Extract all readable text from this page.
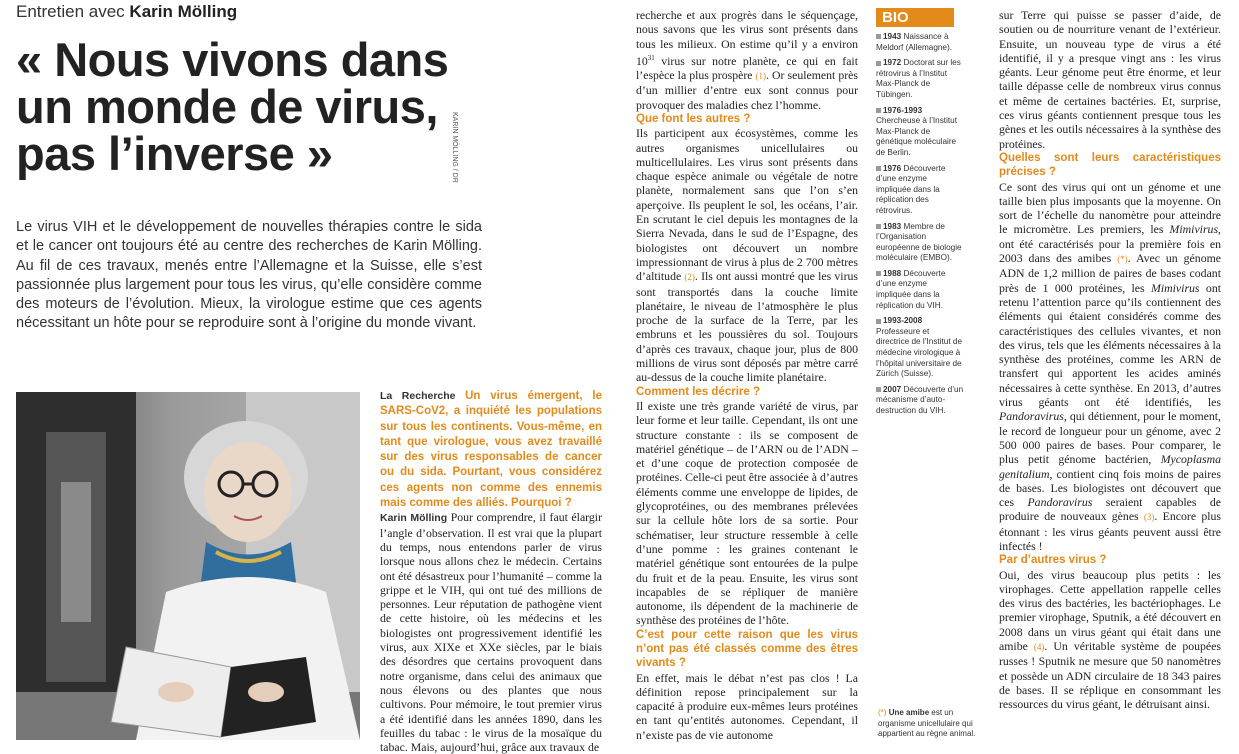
Entretien avec Karin Mölling
« Nous vivons dans un monde de virus, pas l’inverse »	KARIN MÖLLING / DR
Le virus VIH et le développement de nouvelles thérapies contre le sida et le cancer ont toujours été au centre des recherches de Karin Mölling. Au fil de ces travaux, menés entre l’Allemagne et la Suisse, elle s’est passionnée plus largement pour tous les virus, qu’elle considère comme des moteurs de l’évolution. Mieux, la virologue estime que ces agents nécessitant un hôte pour se reproduire sont à l’origine du monde vivant.

La Recherche Un virus émergent, le SARS-CoV2, a inquiété les populations sur tous les continents. Vous-même, en tant que virologue, vous avez travaillé sur des virus responsables de cancer ou du sida. Pourtant, vous considérez ces agents non comme des ennemis mais comme des alliés. Pourquoi ?

Karin Mölling Pour comprendre, il faut élargir l’angle d’observation. Il est vrai que la plupart du temps, nous entendons parler de virus lorsque nous allons chez le médecin. Certains ont été désastreux pour l’humanité – comme la grippe et le VIH, qui ont tué des millions de personnes. Leur réputation de pathogène vient de cette histoire, où les médecins et les biologistes ont progressivement identifié les virus, aux XIXe et XXe siècles, par le biais des désordres que certains provoquent dans notre organisme, dans celui des animaux que nous élevons ou des plantes que nous cultivons. Pour mémoire, le tout premier virus a été identifié dans les années 1890, dans les feuilles du tabac : le virus de la mosaïque du tabac. Mais, aujourd’hui, grâce aux travaux de

recherche et aux progrès dans le séquençage, nous savons que les virus sont présents dans tous les milieux. On estime qu’il y a environ $10^{31}$ virus sur notre planète, ce qui en fait l’espèce la plus prospère (1). Or seulement près d’un millier d’entre eux sont connus pour provoquer des maladies chez l’homme.

Que font les autres ?

Ils participent aux écosystèmes, comme les autres organismes unicellulaires ou multicellulaires. Les virus sont présents dans chaque espèce animale ou végétale de notre planète, normalement sans que l’on s’en aperçoive. Ils peuplent le sol, les océans, l’air. En scrutant le ciel depuis les montagnes de la Sierra Nevada, dans le sud de l’Espagne, des biologistes ont découvert un nombre impressionnant de virus à plus de 2 700 mètres d’altitude (2). Ils ont aussi montré que les virus sont transportés dans la couche limite planétaire, le niveau de l’atmosphère le plus proche de la surface de la Terre, par les embruns et les poussières du sol. Toujours d’après ces travaux, chaque jour, plus de 800 millions de virus sont déposés par mètre carré au-dessus de la couche limite planétaire.

Comment les décrire ?

Il existe une très grande variété de virus, par leur forme et leur taille. Cependant, ils ont une structure constante : ils se composent de matériel génétique – de l’ARN ou de l’ADN – et d’une coque de protection composée de protéines. Celle-ci peut être associée à d’autres éléments comme une enveloppe de lipides, de glycoprotéines, ou des membranes prélevées sur la cellule hôte lors de sa sortie. Pour schématiser, leur structure ressemble à celle d’une pomme : les graines contenant le matériel génétique sont entourées de la pulpe du fruit et de la peau. Ensuite, les virus sont incapables de se répliquer de manière autonome, ils dépendent de la machinerie de synthèse des protéines de l’hôte.

C’est pour cette raison que les virus n’ont pas été classés comme des êtres vivants ?

En effet, mais le débat n’est pas clos ! La définition repose principalement sur la capacité à produire eux-mêmes leurs protéines en tant qu’entités autonomes. Cependant, il n’existe pas de vie autonome

BIO
1943 Naissance à Meldorf (Allemagne).
1972 Doctorat sur les rétrovirus à l’Institut Max-Planck de Tübingen.
1976-1993 Chercheuse à l’Institut Max-Planck de génétique moléculaire de Berlin.
1976 Découverte d’une enzyme impliquée dans la réplication des rétrovirus.
1983 Membre de l’Organisation européenne de biologie moléculaire (EMBO).
1988 Découverte d’une enzyme impliquée dans la réplication du VIH.
1993-2008 Professeure et directrice de l’Institut de médecine virologique à l’hôpital universitaire de Zürich (Suisse).
2007 Découverte d’un mécanisme d’auto-destruction du VIH.
(*) Une amibe est un organisme unicellulaire qui appartient au règne animal.

sur Terre qui puisse se passer d’aide, de soutien ou de nourriture venant de l’extérieur. Ensuite, un nouveau type de virus a été identifié, il y a presque vingt ans : les virus géants. Leur génome peut être énorme, et leur taille dépasse celle de nombreux virus connus et même de certaines bactéries. Et, surprise, ces virus géants contiennent presque tous les gènes et les outils nécessaires à la synthèse des protéines.

Quelles sont leurs caractéristiques précises ?

Ce sont des virus qui ont un génome et une taille bien plus imposants que la moyenne. On sort de l’échelle du nanomètre pour atteindre le micromètre. Les premiers, les Mimivirus, ont été caractérisés pour la première fois en 2003 dans des amibes (*). Avec un génome ADN de 1,2 million de paires de bases codant près de 1 000 protéines, les Mimivirus ont retenu l’attention parce qu’ils contiennent des éléments qui étaient considérés comme des caractéristiques des cellules vivantes, et non des virus, tels que les éléments nécessaires à la synthèse des protéines, comme les ARN de transfert qui apportent les acides aminés nécessaires à cette synthèse. En 2013, d’autres virus géants ont été identifiés, les Pandoravirus, qui détiennent, pour le moment, le record de longueur pour un génome, avec 2 500 000 paires de bases. Pour comparer, le plus petit génome bactérien, Mycoplasma genitalium, contient cinq fois moins de paires de bases. Les biologistes ont découvert que ces Pandoravirus seraient capables de produire de nouveaux gènes (3). Encore plus étonnant : les virus géants peuvent aussi être infectés !

Par d’autres virus ?

Oui, des virus beaucoup plus petits : les virophages. Cette appellation rappelle celles des virus des bactéries, les bactériophages. Le premier virophage, Sputnik, a été découvert en 2008 dans un virus géant qui était dans une amibe (4). Un véritable système de poupées russes ! Sputnik ne mesure que 50 nanomètres et possède un ADN circulaire de 18 343 paires de bases. Il se réplique en consommant les ressources du virus géant, le détruisant ainsi.
